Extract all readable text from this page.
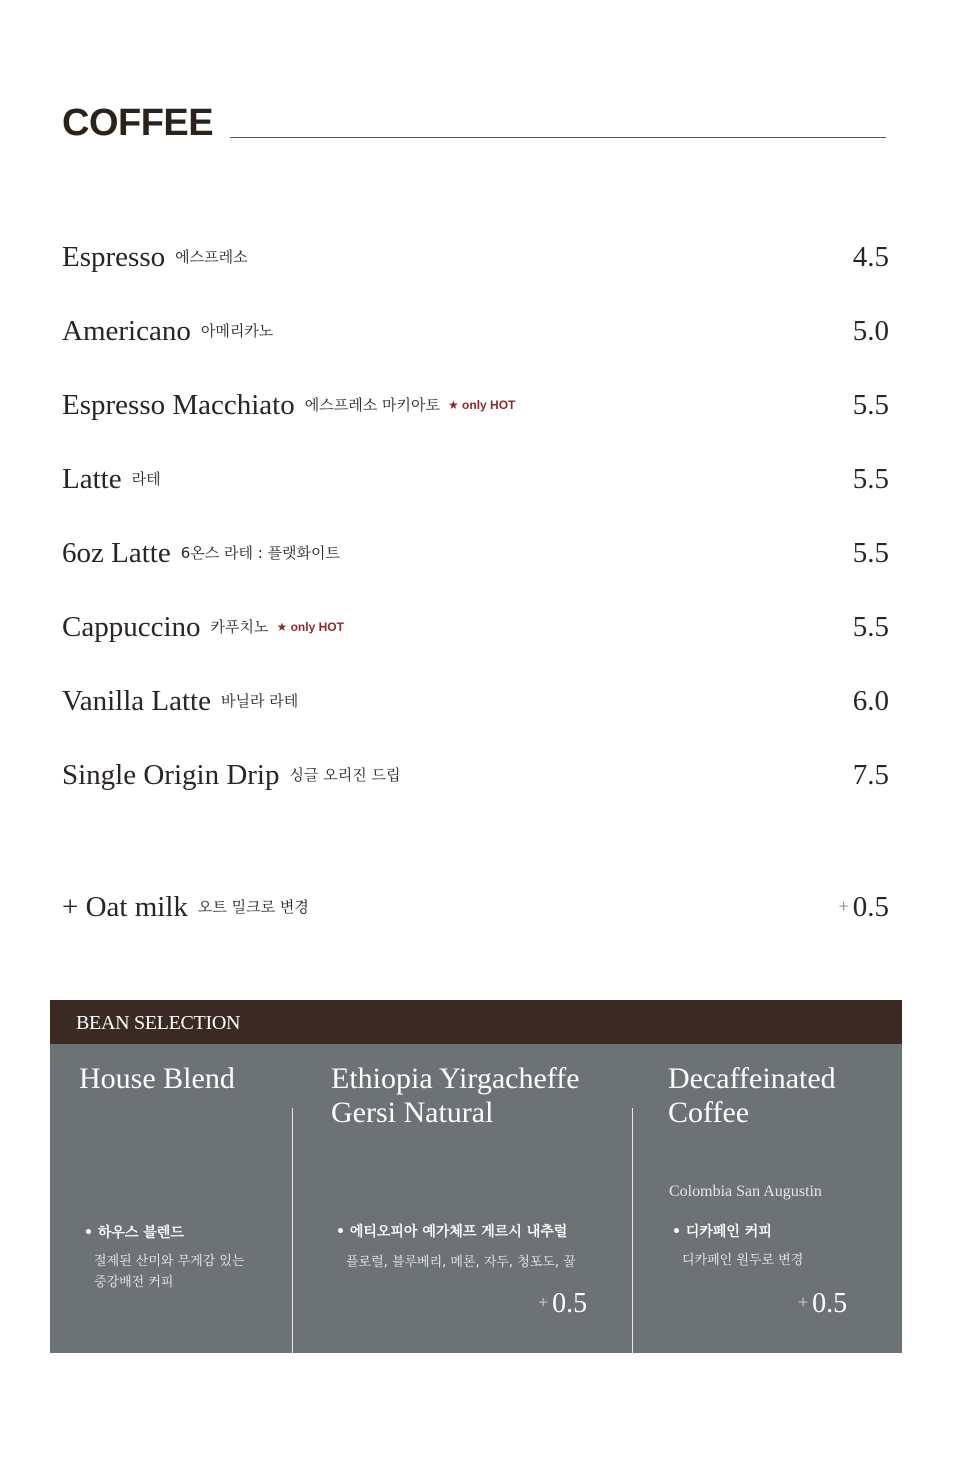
COFFEE
Espresso 에스프레소	4.5
Americano 아메리카노	5.0
Espresso Macchiato 에스프레소 마키아토 ★ only HOT	5.5
Latte 라테	5.5
6oz Latte 6온스 라테 : 플랫화이트	5.5
Cappuccino 카푸치노 ★ only HOT	5.5
Vanilla Latte 바닐라 라테	6.0
Single Origin Drip 싱글 오리진 드립	7.5
+ Oat milk 오트 밀크로 변경	+ 0.5
BEAN SELECTION
House Blend
• 하우스 블렌드
절제된 산미와 무게감 있는
중강배전 커피
Ethiopia Yirgacheffe
Gersi Natural
• 에티오피아 예가체프 게르시 내추럴
플로럴, 블루베리, 메론, 자두, 청포도, 꿀
+ 0.5
Decaffeinated
Coffee
Colombia San Augustin
• 디카페인 커피
디카페인 원두로 변경
+ 0.5
